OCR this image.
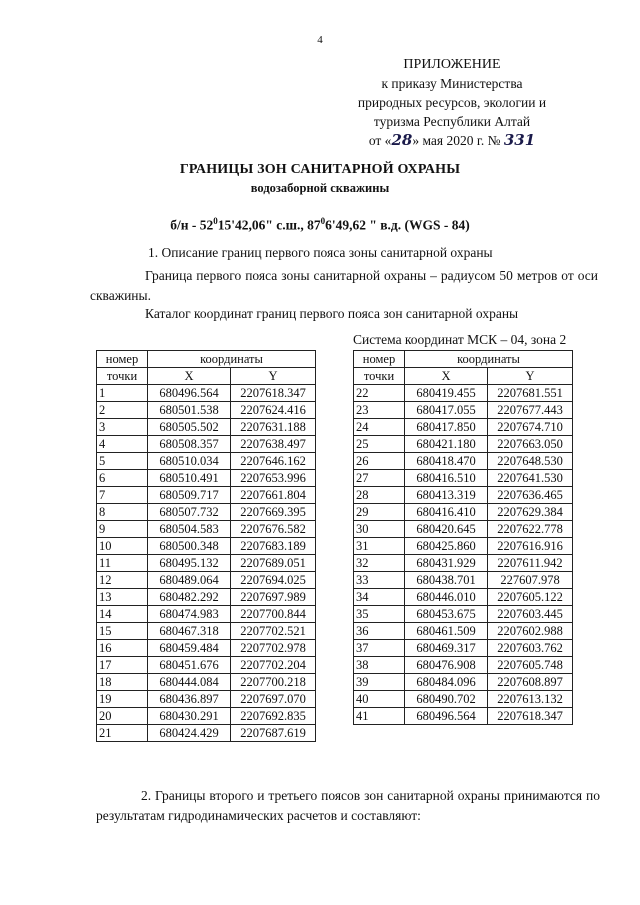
4
ПРИЛОЖЕНИЕ
к приказу Министерства
природных ресурсов, экологии и
туризма Республики Алтай
от «28» мая 2020 г. № 331
ГРАНИЦЫ ЗОН САНИТАРНОЙ ОХРАНЫ
водозаборной скважины
$б/н - 52^015'42,06$" с.ш., $87^06'49,62$ " в.д. (WGS - 84)
1. Описание границ первого пояса зоны санитарной охраны
Граница первого пояса зоны санитарной охраны – радиусом 50 метров от оси скважины.
Каталог координат границ первого пояса зон санитарной охраны
Система координат МСК – 04, зона 2
номер	координаты	
точки	X	Y
1	680496.564	2207618.347
2	680501.538	2207624.416
3	680505.502	2207631.188
4	680508.357	2207638.497
5	680510.034	2207646.162
6	680510.491	2207653.996
7	680509.717	2207661.804
8	680507.732	2207669.395
9	680504.583	2207676.582
10	680500.348	2207683.189
11	680495.132	2207689.051
12	680489.064	2207694.025
13	680482.292	2207697.989
14	680474.983	2207700.844
15	680467.318	2207702.521
16	680459.484	2207702.978
17	680451.676	2207702.204
18	680444.084	2207700.218
19	680436.897	2207697.070
20	680430.291	2207692.835
21	680424.429	2207687.619
номер	координаты	
точки	X	Y
22	680419.455	2207681.551
23	680417.055	2207677.443
24	680417.850	2207674.710
25	680421.180	2207663.050
26	680418.470	2207648.530
27	680416.510	2207641.530
28	680413.319	2207636.465
29	680416.410	2207629.384
30	680420.645	2207622.778
31	680425.860	2207616.916
32	680431.929	2207611.942
33	680438.701	227607.978
34	680446.010	2207605.122
35	680453.675	2207603.445
36	680461.509	2207602.988
37	680469.317	2207603.762
38	680476.908	2207605.748
39	680484.096	2207608.897
40	680490.702	2207613.132
41	680496.564	2207618.347
2. Границы второго и третьего поясов зон санитарной охраны принимаются по результатам гидродинамических расчетов и составляют:
